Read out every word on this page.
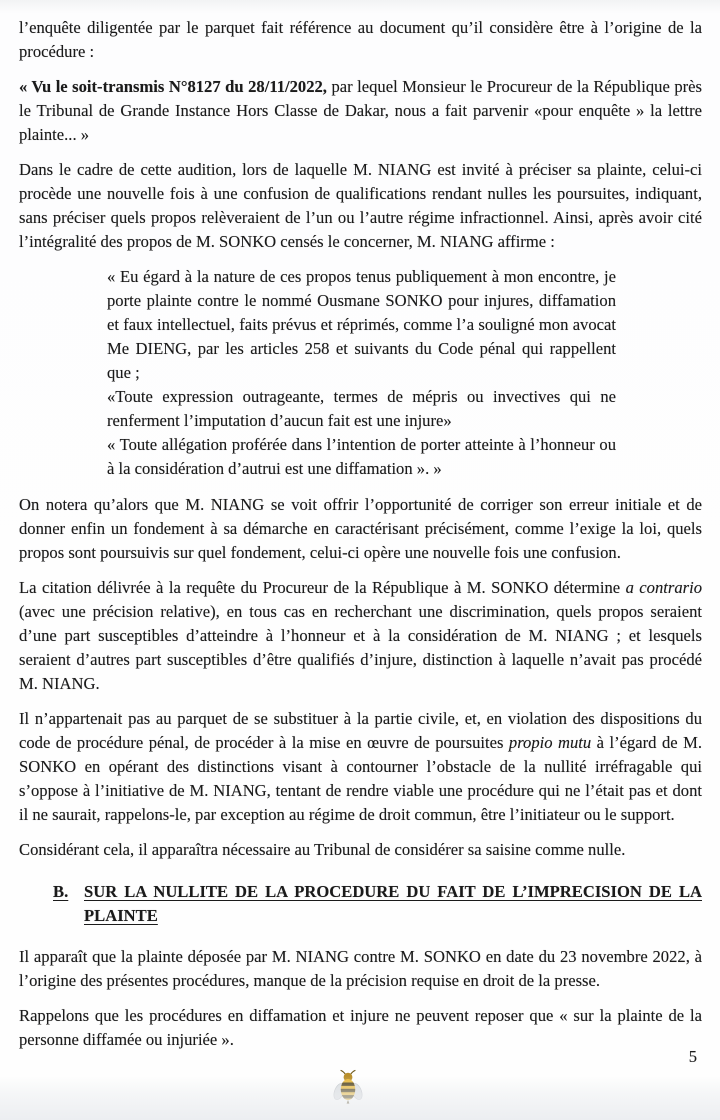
l’enquête diligentée par le parquet fait référence au document qu’il considère être à l’origine de la procédure :

« Vu le soit-transmis N°8127 du 28/11/2022, par lequel Monsieur le Procureur de la République près le Tribunal de Grande Instance Hors Classe de Dakar, nous a fait parvenir «pour enquête » la lettre plainte... »

Dans le cadre de cette audition, lors de laquelle M. NIANG est invité à préciser sa plainte, celui-ci procède une nouvelle fois à une confusion de qualifications rendant nulles les poursuites, indiquant, sans préciser quels propos relèveraient de l’un ou l’autre régime infractionnel. Ainsi, après avoir cité l’intégralité des propos de M. SONKO censés le concerner, M. NIANG affirme :

« Eu égard à la nature de ces propos tenus publiquement à mon encontre, je porte plainte contre le nommé Ousmane SONKO pour injures, diffamation et faux intellectuel, faits prévus et réprimés, comme l’a souligné mon avocat Me DIENG, par les articles 258 et suivants du Code pénal qui rappellent que ;

«Toute expression outrageante, termes de mépris ou invectives qui ne renferment l’imputation d’aucun fait est une injure»

« Toute allégation proférée dans l’intention de porter atteinte à l’honneur ou à la considération d’autrui est une diffamation ». »

On notera qu’alors que M. NIANG se voit offrir l’opportunité de corriger son erreur initiale et de donner enfin un fondement à sa démarche en caractérisant précisément, comme l’exige la loi, quels propos sont poursuivis sur quel fondement, celui-ci opère une nouvelle fois une confusion.

La citation délivrée à la requête du Procureur de la République à M. SONKO détermine a contrario (avec une précision relative), en tous cas en recherchant une discrimination, quels propos seraient d’une part susceptibles d’atteindre à l’honneur et à la considération de M. NIANG ; et lesquels seraient d’autres part susceptibles d’être qualifiés d’injure, distinction à laquelle n’avait pas procédé M. NIANG.

Il n’appartenait pas au parquet de se substituer à la partie civile, et, en violation des dispositions du code de procédure pénal, de procéder à la mise en œuvre de poursuites propio mutu à l’égard de M. SONKO en opérant des distinctions visant à contourner l’obstacle de la nullité irréfragable qui s’oppose à l’initiative de M. NIANG, tentant de rendre viable une procédure qui ne l’était pas et dont il ne saurait, rappelons-le, par exception au régime de droit commun, être l’initiateur ou le support.

Considérant cela, il apparaîtra nécessaire au Tribunal de considérer sa saisine comme nulle.

B. SUR LA NULLITE DE LA PROCEDURE DU FAIT DE L’IMPRECISION DE LA PLAINTE

Il apparaît que la plainte déposée par M. NIANG contre M. SONKO en date du 23 novembre 2022, à l’origine des présentes procédures, manque de la précision requise en droit de la presse.

Rappelons que les procédures en diffamation et injure ne peuvent reposer que « sur la plainte de la personne diffamée ou injuriée ».

5
